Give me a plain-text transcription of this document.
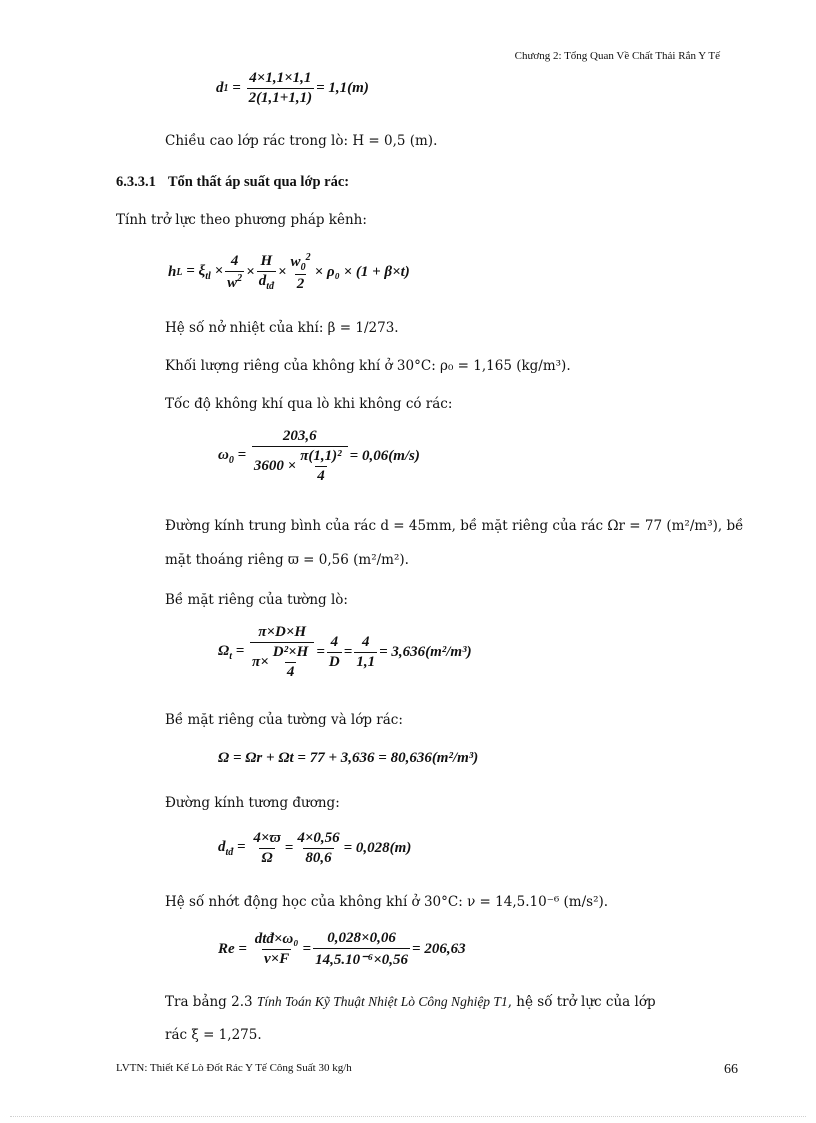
Chương 2: Tổng Quan Về Chất Thải Rắn Y Tế
d $1 = \frac{4\times 1,1\times 1,1}{2(1,1+1,1)} = 1,1(m)$
Chiều cao lớp rác trong lò: H = 0,5 (m).
6.3.3.1 Tổn thất áp suất qua lớp rác:
Tính trở lực theo phương pháp kênh:
h $L = \xi_{tl} \times \frac{4}{w^2} \times \frac{H}{d_{tđ}} \times \frac{w_0^2}{2} \times \rho_0 \times (1 + \beta\times t)$
Hệ số nở nhiệt của khí: β = 1/273.
Khối lượng riêng của không khí ở 30°C: ρ₀ = 1,165 (kg/m³).
Tốc độ không khí qua lò khi không có rác:
$\omega_0 = \frac{203,6}{3600 \times \frac{\text{π(1,1)²}}{4}} = 0,06(m/s)$
Đường kính trung bình của rác d = 45mm, bề mặt riêng của rác Ωr = 77 (m²/m³), bề
mặt thoáng riêng ϖ = 0,56 (m²/m²).
Bề mặt riêng của tường lò:
$\Omega_t = \frac{\pi\times D\times H}{\pi\times \frac{\text{D²×H}}{4}} = \frac{4}{D} = \frac{4}{1,1} = 3,636(m^2/m^3)$
Bề mặt riêng của tường và lớp rác:
Ω = Ωr + Ωt = 77 + 3,636 = 80,636(m²/m³)
Đường kính tương đương:
$d_{tđ} = \frac{4\times ϖ}{\Omega} = \frac{4\times 0,56}{80,6} = 0,028(m)$
Hệ số nhớt động học của không khí ở 30°C: ν = 14,5.10⁻⁶ (m/s²).
Re =
$\frac{\text{dtđ×ω₀}}{\nu\times F} = \frac{0,028\times 0,06}{\text{14,5.10⁻⁶×0,56}} = 206,63$
Tra bảng 2.3 Tính Toán Kỹ Thuật Nhiệt Lò Công Nghiệp T1, hệ số trở lực của lớp
rác ξ = 1,275.
LVTN: Thiết Kế Lò Đốt Rác Y Tế Công Suất 30 kg/h	66
